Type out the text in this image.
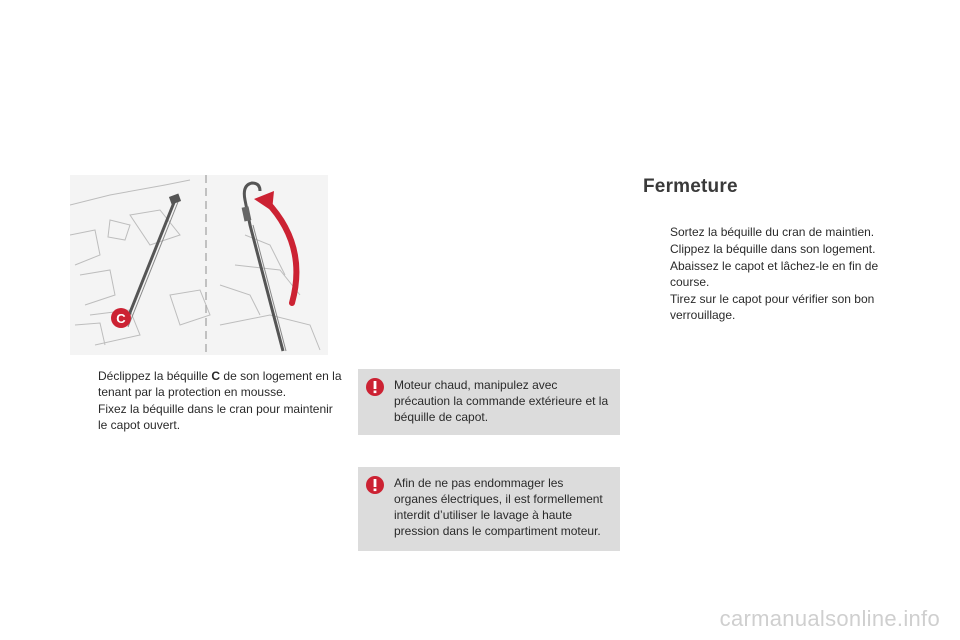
C
Déclippez la béquille C de son logement en la tenant par la protection en mousse.
Fixez la béquille dans le cran pour maintenir le capot ouvert.
Moteur chaud, manipulez avec précaution la commande extérieure et la béquille de capot.
Afin de ne pas endommager les organes électriques, il est formellement interdit d’utiliser le lavage à haute pression dans le compartiment moteur.
Fermeture
Sortez la béquille du cran de maintien.
Clippez la béquille dans son logement.
Abaissez le capot et lâchez-le en fin de course.
Tirez sur le capot pour vérifier son bon verrouillage.
carmanualsonline.info
